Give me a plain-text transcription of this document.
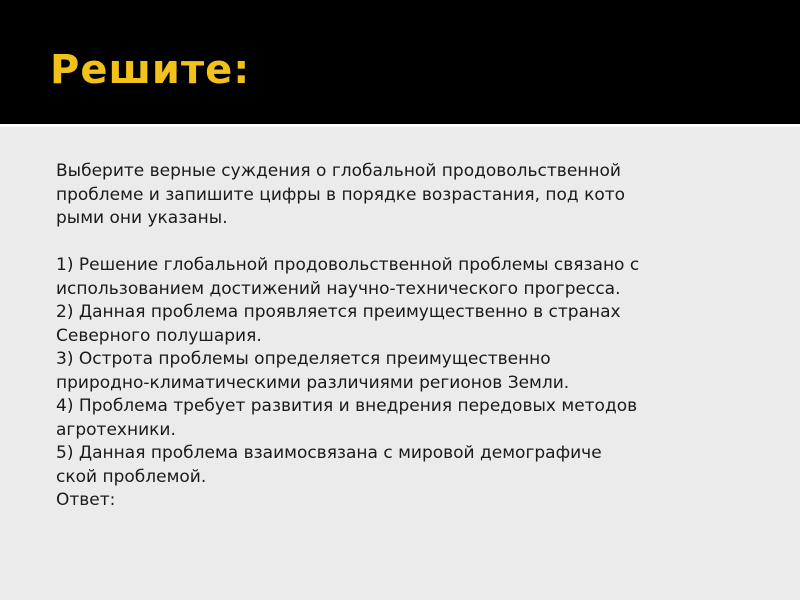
Решите:
Выберите верные суждения о глобальной продовольственной
проблеме и запишите цифры в порядке возрастания, под кото
рыми они указаны.
1) Решение глобальной продовольственной проблемы связано с
использованием достижений научно-технического прогресса.
2) Данная проблема проявляется преимущественно в странах
Северного полушария.
3) Острота проблемы определяется преимущественно
природно-климатическими различиями регионов Земли.
4) Проблема требует развития и внедрения передовых методов
агротехники.
5) Данная проблема взаимосвязана с мировой демографиче
ской проблемой.
Ответ:
